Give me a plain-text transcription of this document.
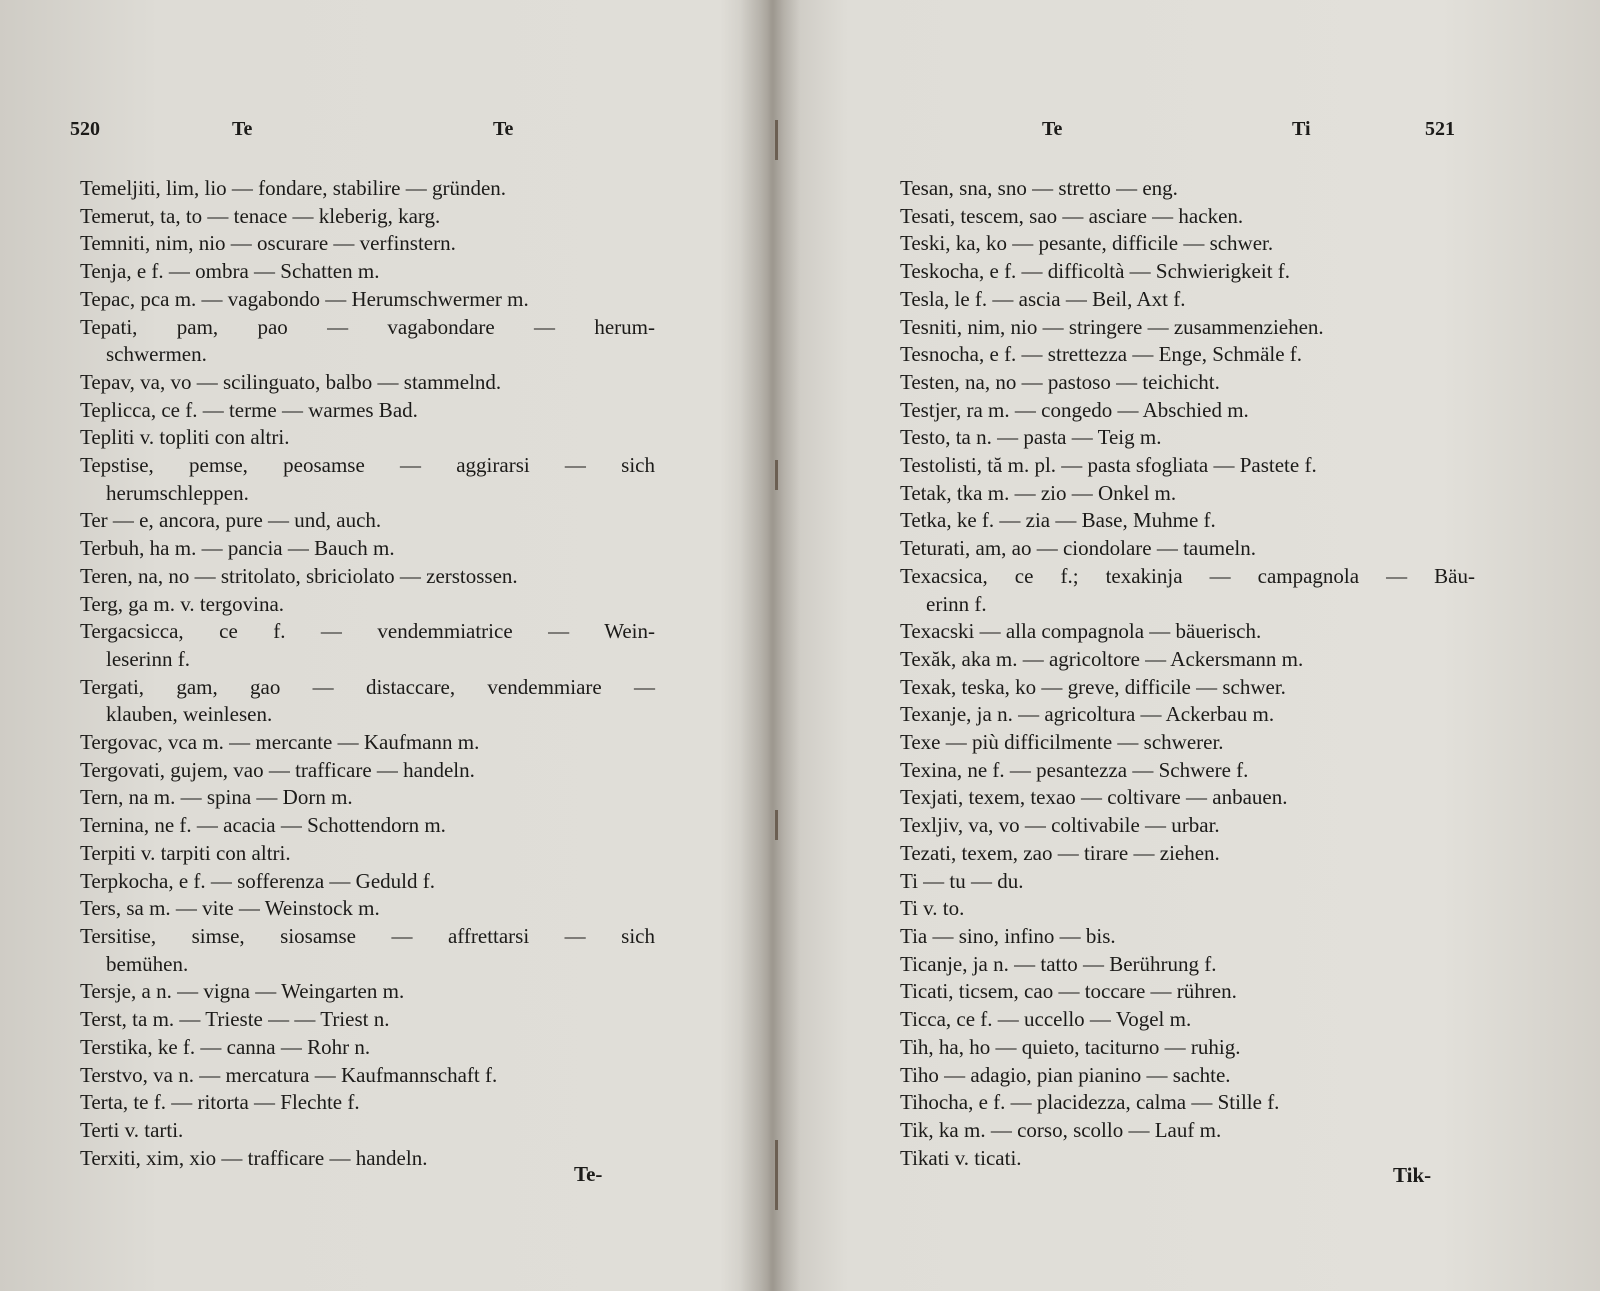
520	Te	Te
Temeljiti, lim, lio — fondare, stabilire — gründen.
Temerut, ta, to — tenace — kleberig, karg.
Temniti, nim, nio — oscurare — verfinstern.
Tenja, e f. — ombra — Schatten m.
Tepac, pca m. — vagabondo — Herumschwermer m.
Tepati, pam, pao — vagabondare — herum-
schwermen.
Tepav, va, vo — scilinguato, balbo — stammelnd.
Teplicca, ce f. — terme — warmes Bad.
Tepliti v. topliti con altri.
Tepstise, pemse, peosamse — aggirarsi — sich
herumschleppen.
Ter — e, ancora, pure — und, auch.
Terbuh, ha m. — pancia — Bauch m.
Teren, na, no — stritolato, sbriciolato — zerstossen.
Terg, ga m. v. tergovina.
Tergacsicca, ce f. — vendemmiatrice — Wein-
leserinn f.
Tergati, gam, gao — distaccare, vendemmiare —
klauben, weinlesen.
Tergovac, vca m. — mercante — Kaufmann m.
Tergovati, gujem, vao — trafficare — handeln.
Tern, na m. — spina — Dorn m.
Ternina, ne f. — acacia — Schottendorn m.
Terpiti v. tarpiti con altri.
Terpkocha, e f. — sofferenza — Geduld f.
Ters, sa m. — vite — Weinstock m.
Tersitise, simse, siosamse — affrettarsi — sich
bemühen.
Tersje, a n. — vigna — Weingarten m.
Terst, ta m. — Trieste — — Triest n.
Terstika, ke f. — canna — Rohr n.
Terstvo, va n. — mercatura — Kaufmannschaft f.
Terta, te f. — ritorta — Flechte f.
Terti v. tarti.
Terxiti, xim, xio — trafficare — handeln.
Te-
Te	Ti	521
Tesan, sna, sno — stretto — eng.
Tesati, tescem, sao — asciare — hacken.
Teski, ka, ko — pesante, difficile — schwer.
Teskocha, e f. — difficoltà — Schwierigkeit f.
Tesla, le f. — ascia — Beil, Axt f.
Tesniti, nim, nio — stringere — zusammenziehen.
Tesnocha, e f. — strettezza — Enge, Schmäle f.
Testen, na, no — pastoso — teichicht.
Testjer, ra m. — congedo — Abschied m.
Testo, ta n. — pasta — Teig m.
Testolisti, tă m. pl. — pasta sfogliata — Pastete f.
Tetak, tka m. — zio — Onkel m.
Tetka, ke f. — zia — Base, Muhme f.
Teturati, am, ao — ciondolare — taumeln.
Texacsica, ce f.; texakinja — campagnola — Bäu-
erinn f.
Texacski — alla compagnola — bäuerisch.
Texăk, aka m. — agricoltore — Ackersmann m.
Texak, teska, ko — greve, difficile — schwer.
Texanje, ja n. — agricoltura — Ackerbau m.
Texe — più difficilmente — schwerer.
Texina, ne f. — pesantezza — Schwere f.
Texjati, texem, texao — coltivare — anbauen.
Texljiv, va, vo — coltivabile — urbar.
Tezati, texem, zao — tirare — ziehen.
Ti — tu — du.
Ti v. to.
Tia — sino, infino — bis.
Ticanje, ja n. — tatto — Berührung f.
Ticati, ticsem, cao — toccare — rühren.
Ticca, ce f. — uccello — Vogel m.
Tih, ha, ho — quieto, taciturno — ruhig.
Tiho — adagio, pian pianino — sachte.
Tihocha, e f. — placidezza, calma — Stille f.
Tik, ka m. — corso, scollo — Lauf m.
Tikati v. ticati.
Tik-
